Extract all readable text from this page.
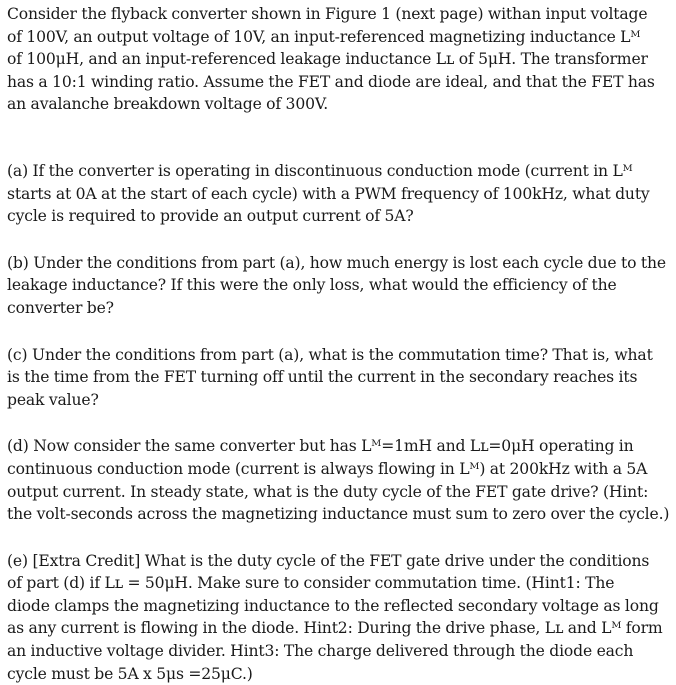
Consider the flyback converter shown in Figure 1 (next page) withan input voltage
of 100V, an output voltage of 10V, an input-referenced magnetizing inductance Lᴹ
of 100μH, and an input-referenced leakage inductance Lʟ of 5μH. The transformer
has a 10:1 winding ratio. Assume the FET and diode are ideal, and that the FET has
an avalanche breakdown voltage of 300V.

(a) If the converter is operating in discontinuous conduction mode (current in Lᴹ
starts at 0A at the start of each cycle) with a PWM frequency of 100kHz, what duty
cycle is required to provide an output current of 5A?

(b) Under the conditions from part (a), how much energy is lost each cycle due to the
leakage inductance? If this were the only loss, what would the efficiency of the
converter be?

(c) Under the conditions from part (a), what is the commutation time? That is, what
is the time from the FET turning off until the current in the secondary reaches its
peak value?

(d) Now consider the same converter but has Lᴹ=1mH and Lʟ=0μH operating in
continuous conduction mode (current is always flowing in Lᴹ) at 200kHz with a 5A
output current. In steady state, what is the duty cycle of the FET gate drive? (Hint:
the volt-seconds across the magnetizing inductance must sum to zero over the cycle.)

(e) [Extra Credit] What is the duty cycle of the FET gate drive under the conditions
of part (d) if Lʟ = 50μH. Make sure to consider commutation time. (Hint1: The
diode clamps the magnetizing inductance to the reflected secondary voltage as long
as any current is flowing in the diode. Hint2: During the drive phase, Lʟ and Lᴹ form
an inductive voltage divider. Hint3: The charge delivered through the diode each
cycle must be 5A x 5μs =25μC.)
